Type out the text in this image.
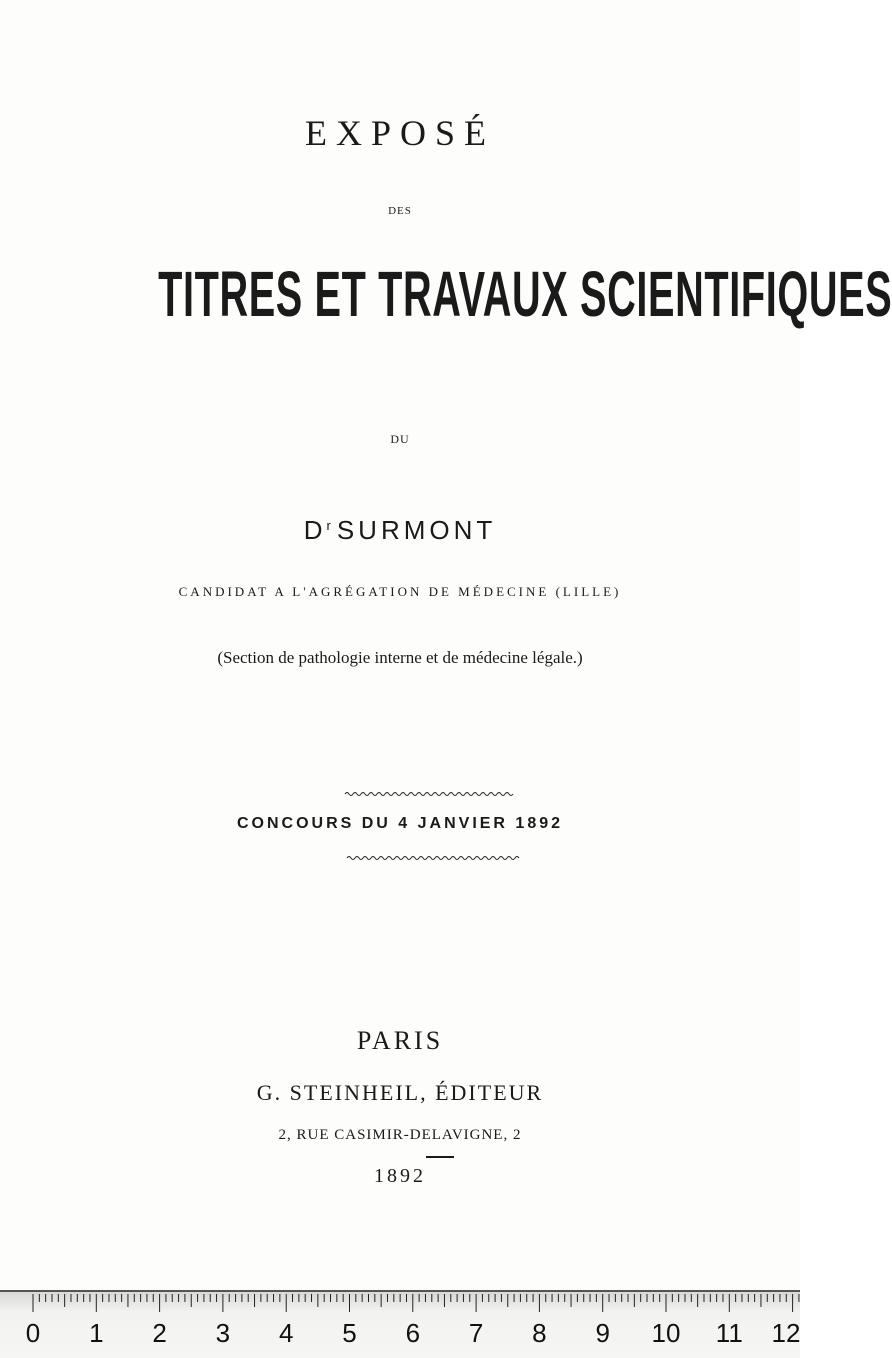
EXPOSÉ
DES
TITRES ET TRAVAUX SCIENTIFIQUES
DU
$D^r$ SURMONT
CANDIDAT A L'AGRÉGATION DE MÉDECINE (LILLE)
(Section de pathologie interne et de médecine légale.)
CONCOURS DU 4 JANVIER 1892
PARIS
G. STEINHEIL, ÉDITEUR
2, RUE CASIMIR-DELAVIGNE, 2
1892
0 1 2 3 4 5 6 7 8 9 10 11 12
